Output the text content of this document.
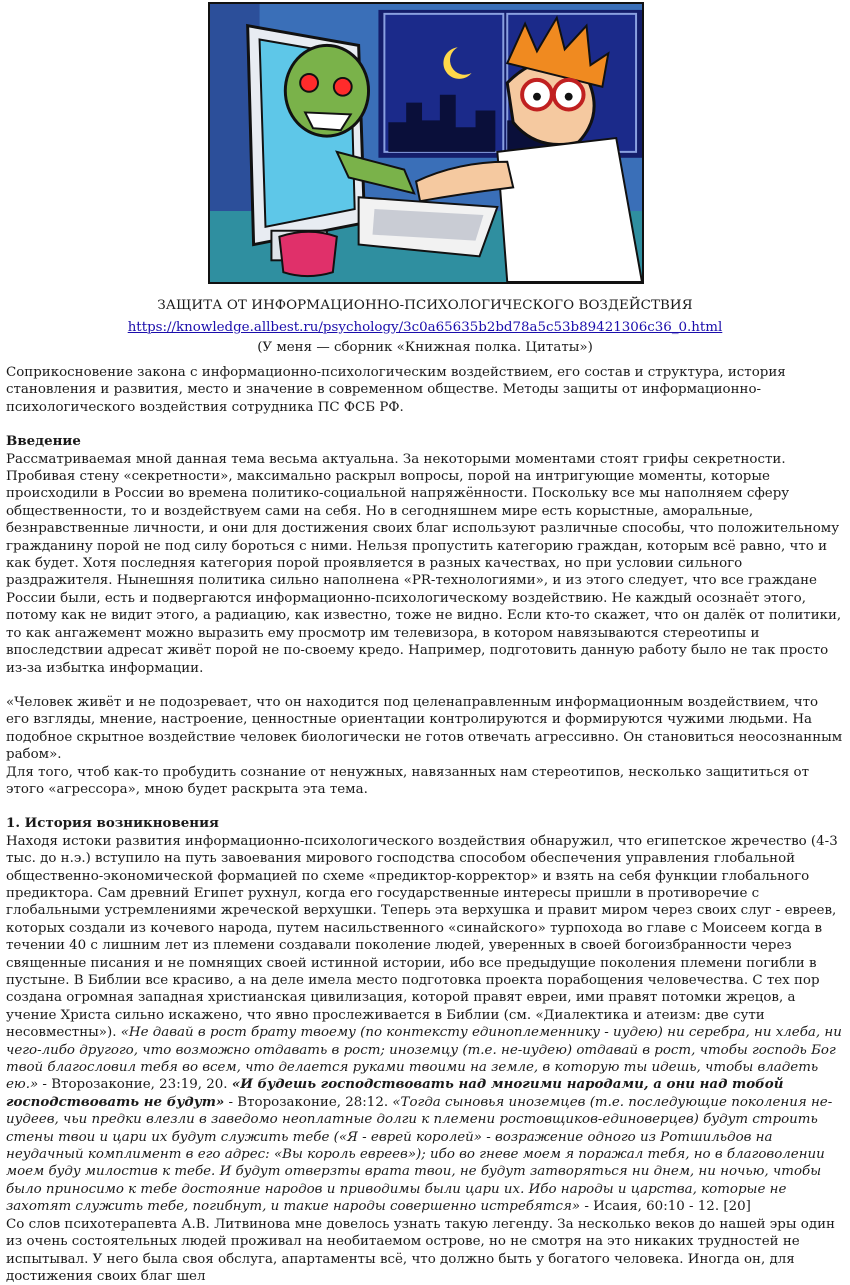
ЗАЩИТА ОТ ИНФОРМАЦИОННО-ПСИХОЛОГИЧЕСКОГО ВОЗДЕЙСТВИЯ
https://knowledge.allbest.ru/psychology/3c0a65635b2bd78a5c53b89421306c36_0.html
(У меня — сборник «Книжная полка. Цитаты»)

Соприкосновение закона с информационно-психологическим воздействием, его состав и структура, история становления и развития, место и значение в современном обществе. Методы защиты от информационно-психологического воздействия сотрудника ПС ФСБ РФ.

Введение

Рассматриваемая мной данная тема весьма актуальна. За некоторыми моментами стоят грифы секретности. Пробивая стену «секретности», максимально раскрыл вопросы, порой на интригующие моменты, которые происходили в России во времена политико-социальной напряжённости. Поскольку все мы наполняем сферу общественности, то и воздействуем сами на себя. Но в сегодняшнем мире есть корыстные, аморальные, безнравственные личности, и они для достижения своих благ используют различные способы, что положительному гражданину порой не под силу бороться с ними. Нельзя пропустить категорию граждан, которым всё равно, что и как будет. Хотя последняя категория порой проявляется в разных качествах, но при условии сильного раздражителя. Нынешняя политика сильно наполнена «PR-технологиями», и из этого следует, что все граждане России были, есть и подвергаются информационно-психологическому воздействию. Не каждый осознаёт этого, потому как не видит этого, а радиацию, как известно, тоже не видно. Если кто-то скажет, что он далёк от политики, то как ангажемент можно выразить ему просмотр им телевизора, в котором навязываются стереотипы и впоследствии адресат живёт порой не по-своему кредо. Например, подготовить данную работу было не так просто из-за избытка информации.

«Человек живёт и не подозревает, что он находится под целенаправленным информационным воздействием, что его взгляды, мнение, настроение, ценностные ориентации контролируются и формируются чужими людьми. На подобное скрытное воздействие человек биологически не готов отвечать агрессивно. Он становиться неосознанным рабом».

Для того, чтоб как-то пробудить сознание от ненужных, навязанных нам стереотипов, несколько защититься от этого «агрессора», мною будет раскрыта эта тема.

1. История возникновения

Находя истоки развития информационно-психологического воздействия обнаружил, что египетское жречество (4-3 тыс. до н.э.) вступило на путь завоевания мирового господства способом обеспечения управления глобальной общественно-экономической формацией по схеме «предиктор-корректор» и взять на себя функции глобального предиктора. Сам древний Египет рухнул, когда его государственные интересы пришли в противоречие с глобальными устремлениями жреческой верхушки. Теперь эта верхушка и правит миром через своих слуг - евреев, которых создали из кочевого народа, путем насильственного «синайского» турпохода во главе с Моисеем когда в течении 40 с лишним лет из племени создавали поколение людей, уверенных в своей богоизбранности через священные писания и не помнящих своей истинной истории, ибо все предыдущие поколения племени погибли в пустыне. В Библии все красиво, а на деле имела место подготовка проекта порабощения человечества. С тех пор создана огромная западная христианская цивилизация, которой правят евреи, ими правят потомки жрецов, а учение Христа сильно искажено, что явно прослеживается в Библии (см. «Диалектика и атеизм: две сути несовместны»). «Не давай в рост брату твоему (по контексту единоплеменнику - иудею) ни серебра, ни хлеба, ни чего-либо другого, что возможно отдавать в рост; иноземцу (т.е. не-иудею) отдавай в рост, чтобы господь Бог твой благословил тебя во всем, что делается руками твоими на земле, в которую ты идешь, чтобы владеть ею.» - Второзаконие, 23:19, 20. «И будешь господствовать над многими народами, а они над тобой господствовать не будут» - Второзаконие, 28:12. «Тогда сыновья иноземцев (т.е. последующие поколения не-иудеев, чьи предки влезли в заведомо неоплатные долги к племени ростовщиков-единоверцев) будут строить стены твои и цари их будут служить тебе («Я - еврей королей» - возражение одного из Ротшильдов на неудачный комплимент в его адрес: «Вы король евреев»); ибо во гневе моем я поражал тебя, но в благоволении моем буду милостив к тебе. И будут отверзты врата твои, не будут затворяться ни днем, ни ночью, чтобы было приносимо к тебе достояние народов и приводимы были цари их. Ибо народы и царства, которые не захотят служить тебе, погибнут, и такие народы совершенно истребятся» - Исаия, 60:10 - 12. [20]

Со слов психотерапевта А.В. Литвинова мне довелось узнать такую легенду. За несколько веков до нашей эры один из очень состоятельных людей проживал на необитаемом острове, но не смотря на это никаких трудностей не испытывал. У него была своя обслуга, апартаменты всё, что должно быть у богатого человека. Иногда он, для достижения своих благ шел
